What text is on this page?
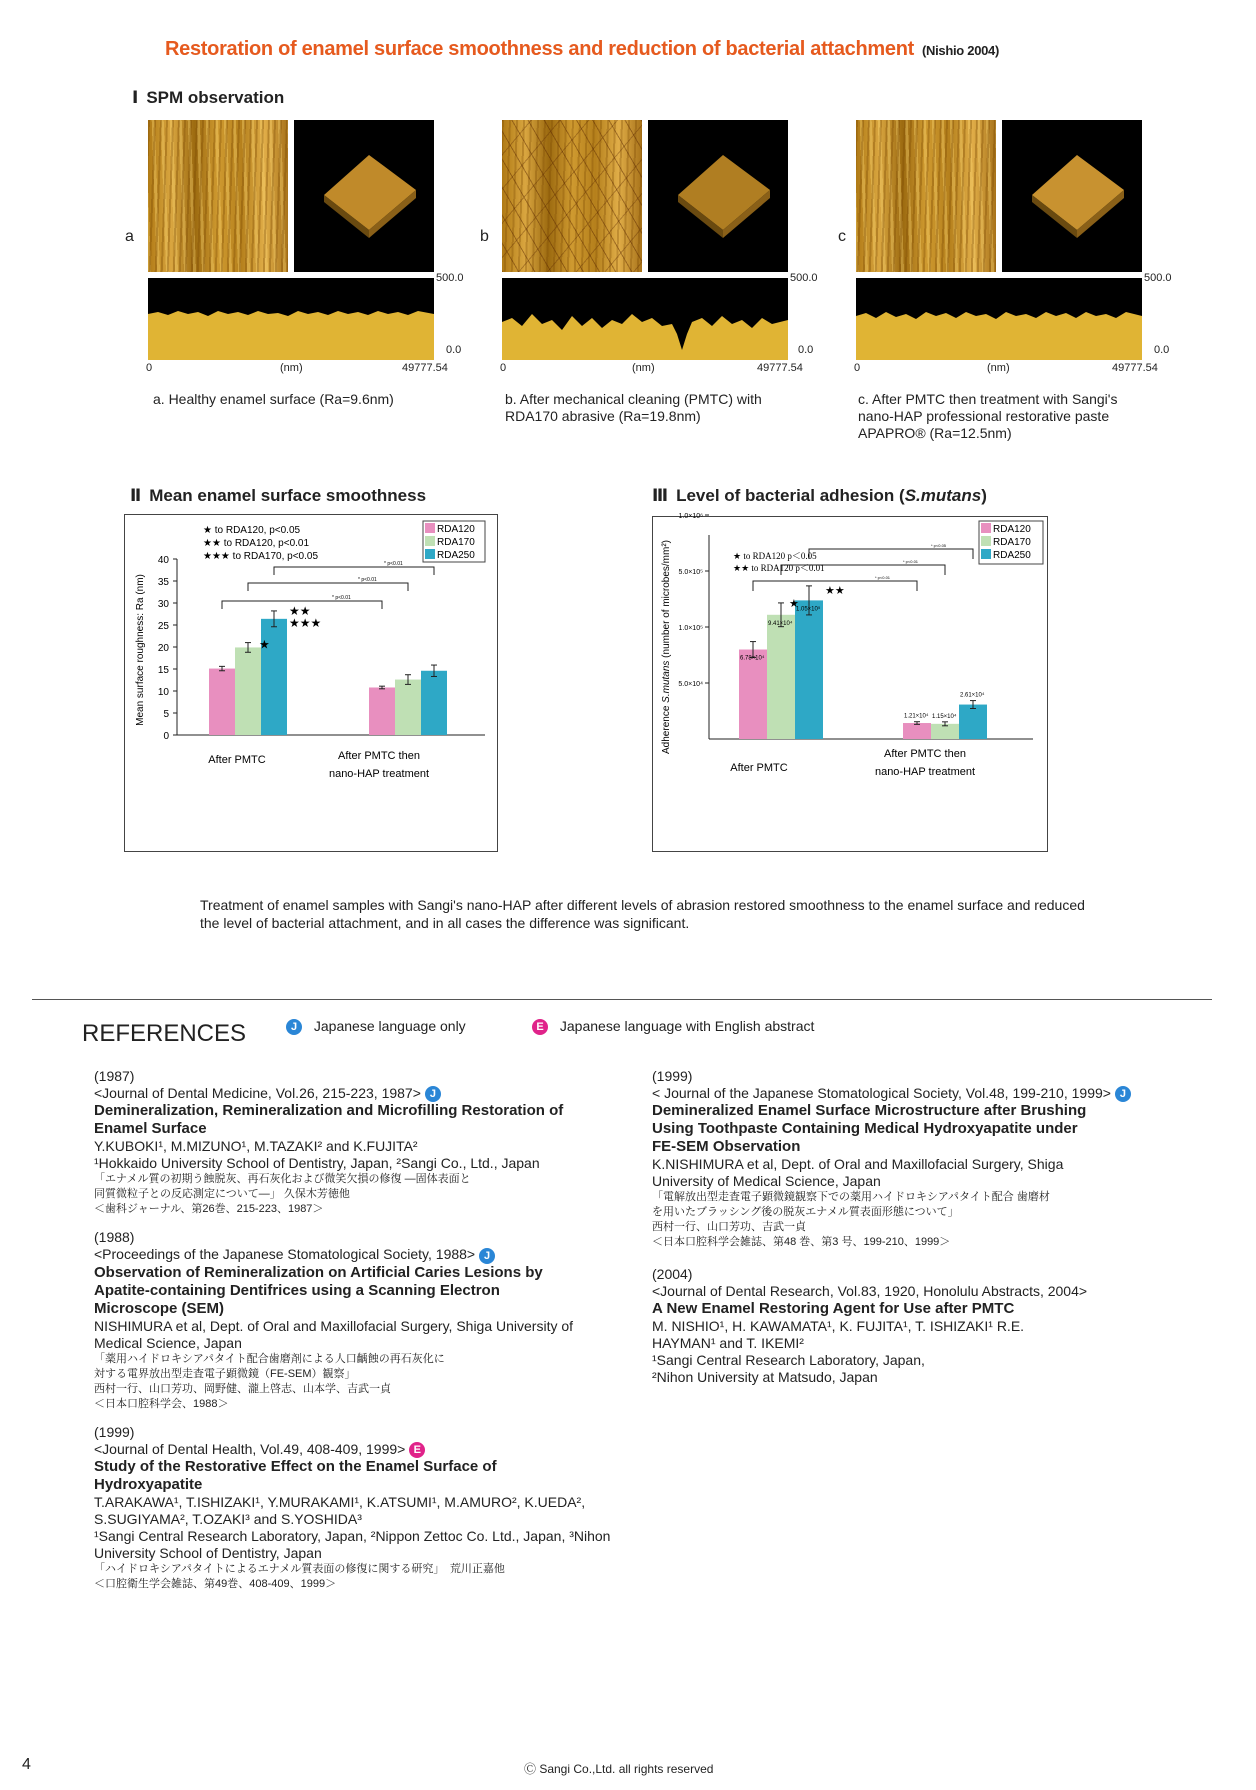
Restoration of enamel surface smoothness and reduction of bacterial attachment (Nishio 2004)
Ⅰ SPM observation
a
500.0
0.0
0	(nm)	49777.54
a. Healthy enamel surface (Ra=9.6nm)
b
500.0
0.0
0	(nm)	49777.54
b. After mechanical cleaning (PMTC) with RDA170 abrasive (Ra=19.8nm)
c
500.0
0.0
0	(nm)	49777.54
c. After PMTC then treatment with Sangi's nano-HAP professional restorative paste APAPRO® (Ra=12.5nm)
Ⅱ Mean enamel surface smoothness	Ⅲ Level of bacterial adhesion (S.mutans)
0
5
10
15
20
25
30
35
40
Mean surface roughness: Ra (nm)	★
★★
★★★
* p<0.01
* p<0.01
* p<0.01
★ to RDA120, p<0.05
★★ to RDA120, p<0.01
★★★ to RDA170, p<0.05
RDA120
RDA170
RDA250
After PMTC	After PMTC then
nano-HAP treatment
5.0×10⁴
1.0×10⁵
5.0×10⁵
1.0×10⁶
Adherence S.mutans (number of microbes/mm²)	6.78×10⁴
9.41×10⁴
1.05×10⁵
1.21×10⁴ 1.15×10⁴
2.61×10⁴
★
★★
* p<0.05
* p<0.01
* p<0.01
★ to RDA120 p＜0.05
★★ to RDA120 p＜0.01
RDA120
RDA170
RDA250
After PMTC
After PMTC then
nano-HAP treatment
Treatment of enamel samples with Sangi's nano-HAP after different levels of abrasion restored smoothness to the enamel surface and reduced the level of bacterial attachment, and in all cases the difference was significant.
REFERENCES	J Japanese language only	E Japanese language with English abstract
(1987)
<Journal of Dental Medicine, Vol.26, 215-223, 1987> J
Demineralization, Remineralization and Microfilling Restoration of Enamel Surface
Y.KUBOKI¹, M.MIZUNO¹, M.TAZAKI² and K.FUJITA²
¹Hokkaido University School of Dentistry, Japan, ²Sangi Co., Ltd., Japan
「エナメル質の初期う蝕脱灰、再石灰化および微笑欠損の修復 ―固体表面と
同質微粒子との反応測定について―」 久保木芳徳他
＜歯科ジャーナル、第26巻、215-223、1987＞
(1988)
<Proceedings of the Japanese Stomatological Society, 1988> J
Observation of Remineralization on Artificial Caries Lesions by Apatite-containing Dentifrices using a Scanning Electron Microscope (SEM)
NISHIMURA et al, Dept. of Oral and Maxillofacial Surgery, Shiga University of Medical Science, Japan
「薬用ハイドロキシアパタイト配合歯磨剤による人口齲蝕の再石灰化に
対する電界放出型走査電子顕微鏡（FE-SEM）観察」
西村一行、山口芳功、岡野健、瀧上啓志、山本学、吉武一貞
＜日本口腔科学会、1988＞
(1999)
<Journal of Dental Health, Vol.49, 408-409, 1999> E
Study of the Restorative Effect on the Enamel Surface of Hydroxyapatite
T.ARAKAWA¹, T.ISHIZAKI¹, Y.MURAKAMI¹, K.ATSUMI¹, M.AMURO², K.UEDA², S.SUGIYAMA², T.OZAKI³ and S.YOSHIDA³
¹Sangi Central Research Laboratory, Japan, ²Nippon Zettoc Co. Ltd., Japan, ³Nihon University School of Dentistry, Japan
「ハイドロキシアパタイトによるエナメル質表面の修復に関する研究」　荒川正嘉他
＜口腔衛生学会雑誌、第49巻、408-409、1999＞
(1999)
< Journal of the Japanese Stomatological Society, Vol.48, 199-210, 1999> J
Demineralized Enamel Surface Microstructure after Brushing Using Toothpaste Containing Medical Hydroxyapatite under FE-SEM Observation
K.NISHIMURA et al, Dept. of Oral and Maxillofacial Surgery, Shiga University of Medical Science, Japan
「電解放出型走査電子顕微鏡観察下での薬用ハイドロキシアパタイト配合 歯磨材
を用いたブラッシング後の脱灰エナメル質表面形態について」
西村一行、山口芳功、吉武一貞
＜日本口腔科学会雑誌、第48 巻、第3 号、199-210、1999＞
(2004)
<Journal of Dental Research, Vol.83, 1920, Honolulu Abstracts, 2004>
A New Enamel Restoring Agent for Use after PMTC
M. NISHIO¹, H. KAWAMATA¹, K. FUJITA¹, T. ISHIZAKI¹ R.E. HAYMAN¹ and T. IKEMI²
¹Sangi Central Research Laboratory, Japan, ²Nihon University at Matsudo, Japan
4	Ⓒ Sangi Co.,Ltd. all rights reserved
